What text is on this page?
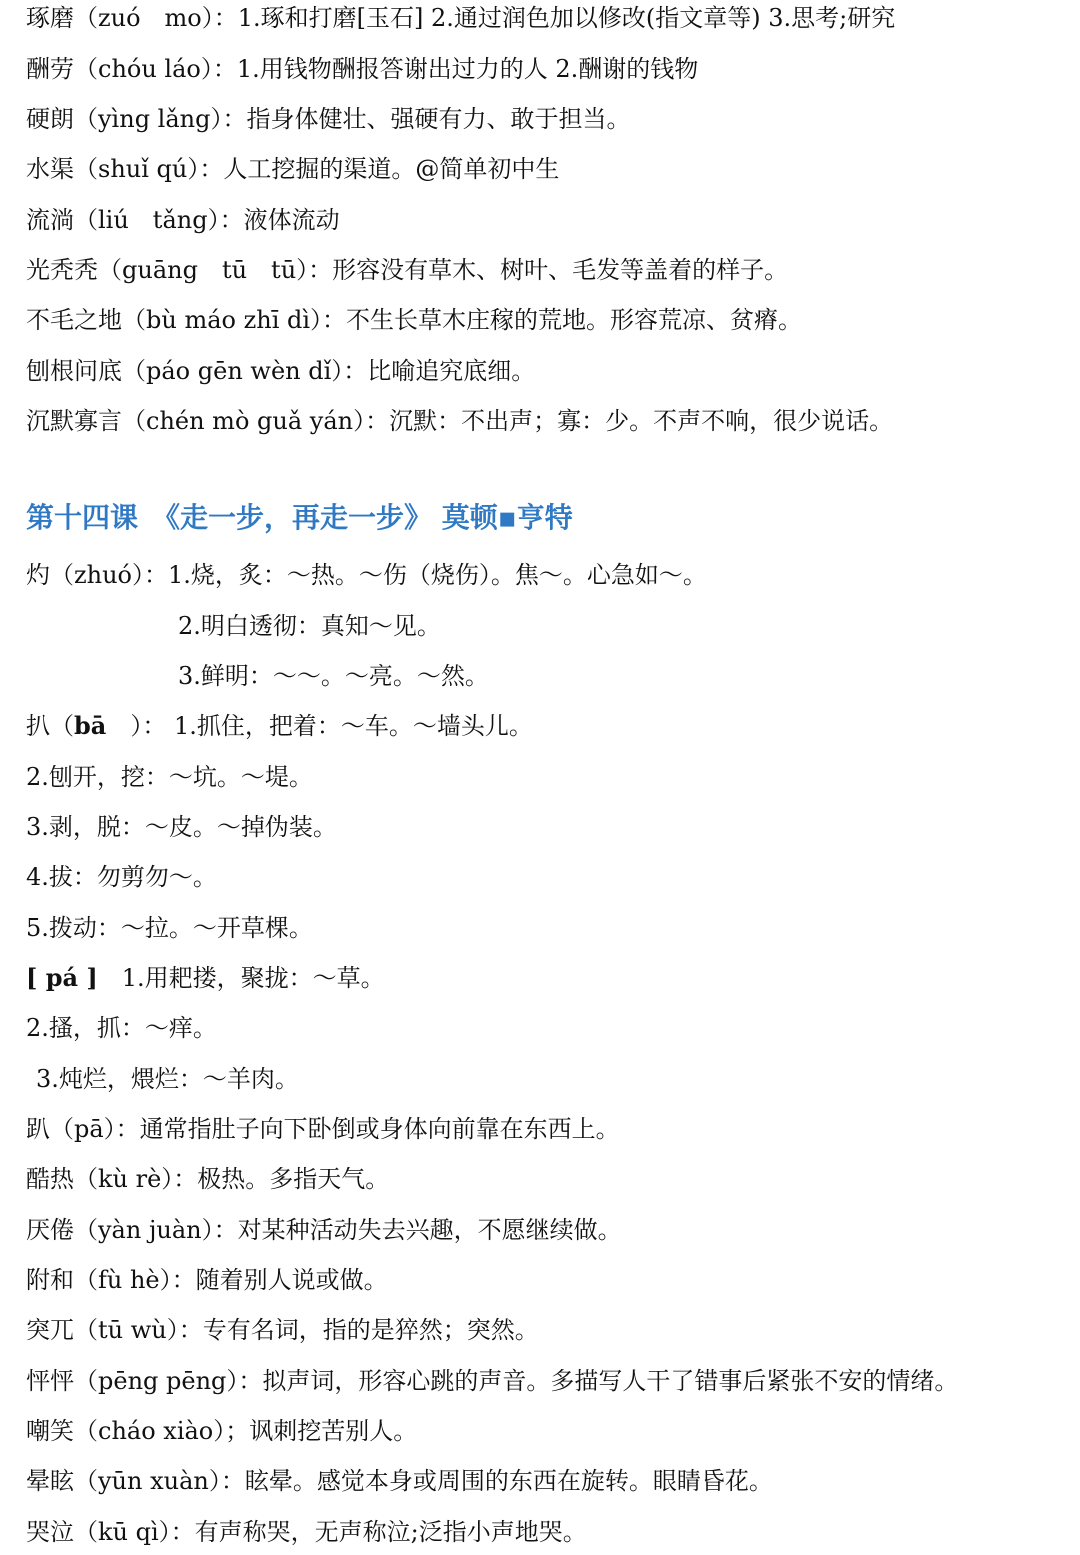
琢磨（zuó　mo）：1.琢和打磨[玉石] 2.通过润色加以修改(指文章等) 3.思考;研究
酬劳（chóu láo）：1.用钱物酬报答谢出过力的人 2.酬谢的钱物
硬朗（yìng lǎng）：指身体健壮、强硬有力、敢于担当。
水渠（shuǐ qú）：人工挖掘的渠道。@简单初中生
流淌（liú　tǎng）：液体流动
光秃秃（guāng　tū　tū）：形容没有草木、树叶、毛发等盖着的样子。
不毛之地（bù máo zhī dì）：不生长草木庄稼的荒地。形容荒凉、贫瘠。
刨根问底（páo gēn wèn dǐ）：比喻追究底细。
沉默寡言（chén mò guǎ yán）：沉默：不出声；寡：少。不声不响，很少说话。
第十四课　《走一步，再走一步》 莫顿▪亨特
灼（zhuó）：1.烧，炙：～热。～伤（烧伤）。焦～。心急如～。
2.明白透彻：真知～见。
3.鲜明：～～。～亮。～然。
扒（bā　）： 1.抓住，把着：～车。～墙头儿。
2.刨开，挖：～坑。～堤。
3.剥，脱：～皮。～掉伪装。
4.拔：勿剪勿～。
5.拨动：～拉。～开草棵。
[ pá ]　1.用耙搂，聚拢：～草。
2.搔，抓：～痒。
3.炖烂，煨烂：～羊肉。
趴（pā）：通常指肚子向下卧倒或身体向前靠在东西上。
酷热（kù rè）：极热。多指天气。
厌倦（yàn juàn）：对某种活动失去兴趣，不愿继续做。
附和（fù hè）：随着别人说或做。
突兀（tū wù）：专有名词，指的是猝然；突然。
怦怦（pēng pēng）：拟声词，形容心跳的声音。多描写人干了错事后紧张不安的情绪。
嘲笑（cháo xiào）；讽刺挖苦别人。
晕眩（yūn xuàn）：眩晕。感觉本身或周围的东西在旋转。眼睛昏花。
哭泣（kū qì）：有声称哭，无声称泣;泛指小声地哭。
